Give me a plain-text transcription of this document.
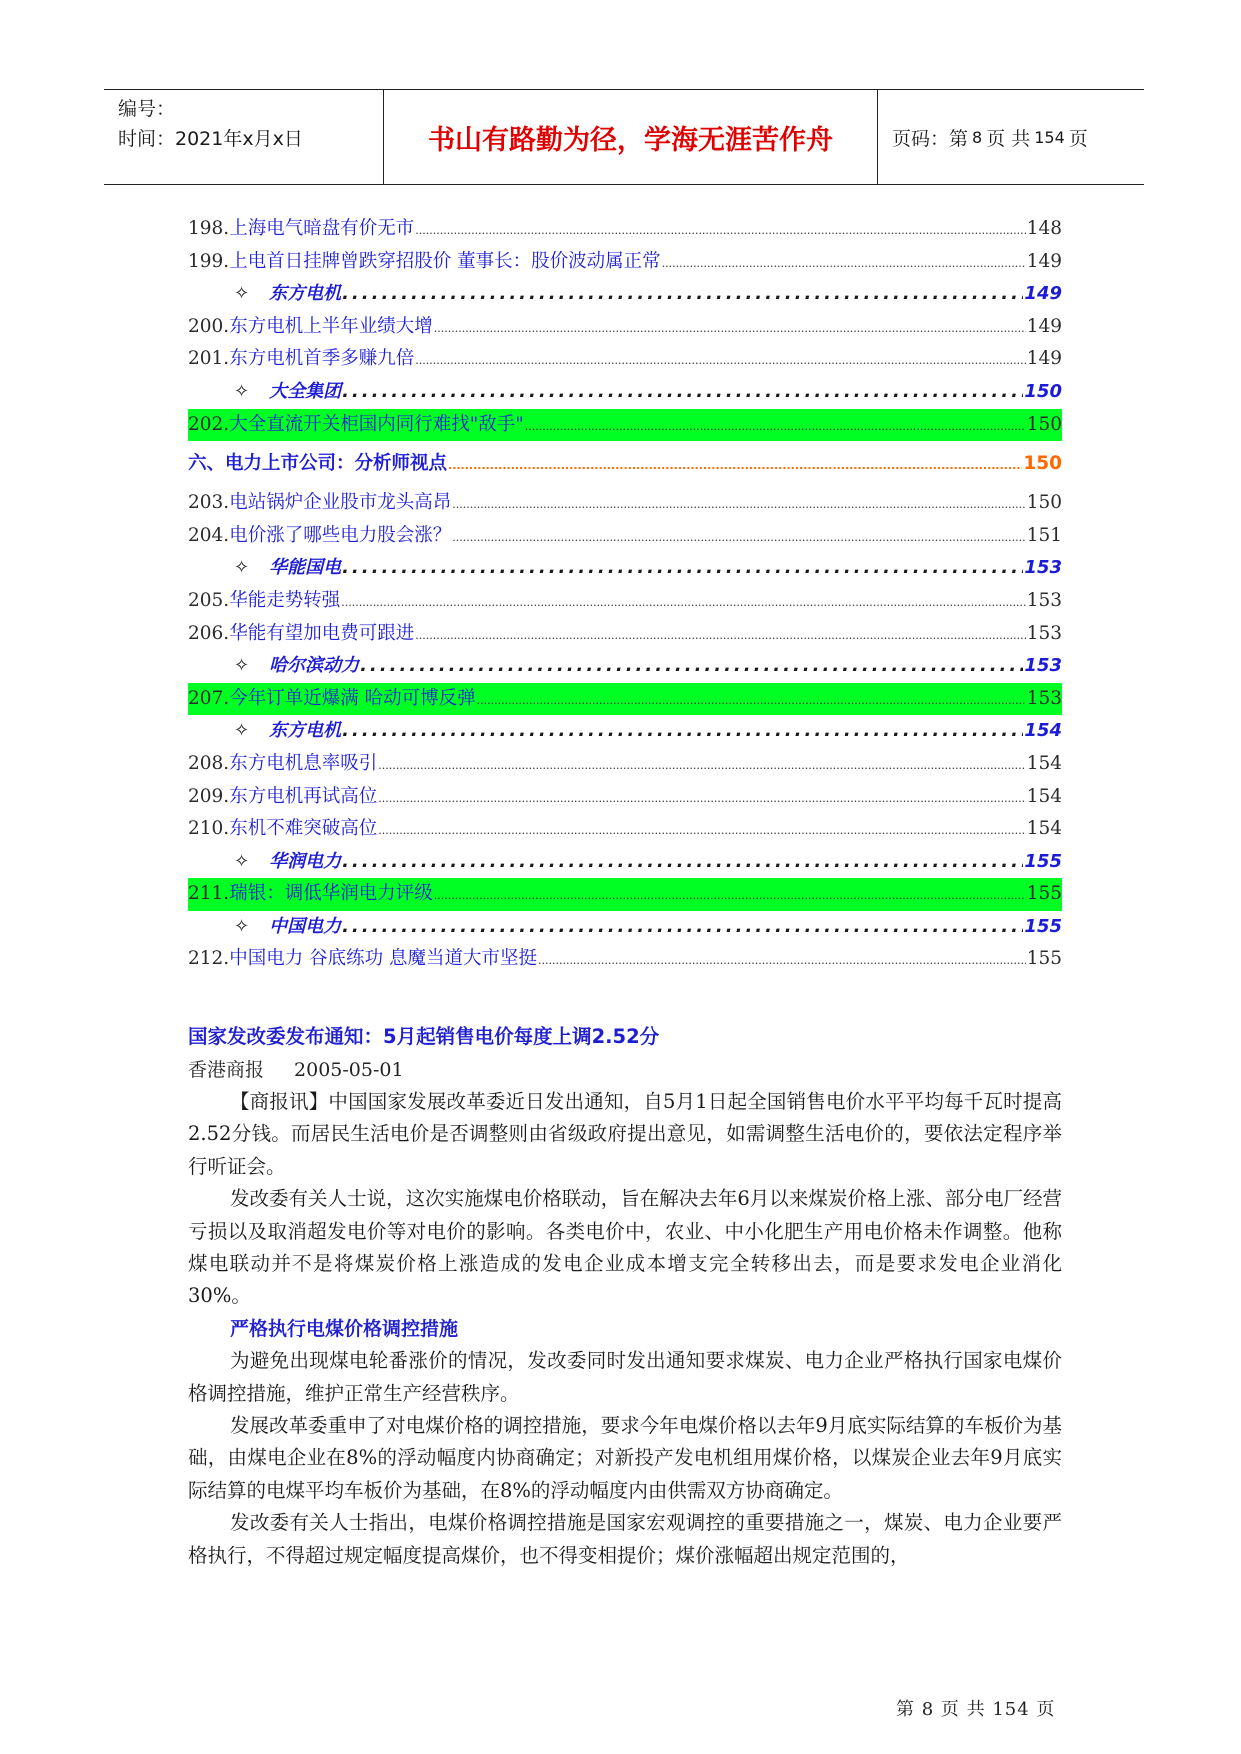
编号：
时间：2021年x月x日	书山有路勤为径，学海无涯苦作舟	页码：第 8 页 共 154 页
198. 上海电气暗盘有价无市 .....	148
199. 上电首日挂牌曾跌穿招股价 董事长：股价波动属正常 .....	149
✧ 东方电机 .....	149
200. 东方电机上半年业绩大增 .....	149
201. 东方电机首季多赚九倍 .....	149
✧ 大全集团 .....	150
202. 大全直流开关柜国内同行难找"敌手" .....	150
六、电力上市公司：分析师视点 .....	150
203. 电站锅炉企业股市龙头高昂 .....	150
204. 电价涨了哪些电力股会涨？ .....	151
✧ 华能国电 .....	153
205. 华能走势转强 .....	153
206. 华能有望加电费可跟进 .....	153
✧ 哈尔滨动力 .....	153
207. 今年订单近爆满 哈动可博反弹 .....	153
✧ 东方电机 .....	154
208. 东方电机息率吸引 .....	154
209. 东方电机再试高位 .....	154
210. 东机不难突破高位 .....	154
✧ 华润电力 .....	155
211. 瑞银：调低华润电力评级 .....	155
✧ 中国电力 .....	155
212. 中国电力 谷底练功 息魔当道大市坚挺 .....	155
国家发改委发布通知：5月起销售电价每度上调2.52分
香港商报 2005-05-01

【商报讯】中国国家发展改革委近日发出通知，自5月1日起全国销售电价水平平均每千瓦时提高2.52分钱。而居民生活电价是否调整则由省级政府提出意见，如需调整生活电价的，要依法定程序举行听证会。

发改委有关人士说，这次实施煤电价格联动，旨在解决去年6月以来煤炭价格上涨、部分电厂经营亏损以及取消超发电价等对电价的影响。各类电价中，农业、中小化肥生产用电价格未作调整。他称煤电联动并不是将煤炭价格上涨造成的发电企业成本增支完全转移出去，而是要求发电企业消化30%。

严格执行电煤价格调控措施

为避免出现煤电轮番涨价的情况，发改委同时发出通知要求煤炭、电力企业严格执行国家电煤价格调控措施，维护正常生产经营秩序。

发展改革委重申了对电煤价格的调控措施，要求今年电煤价格以去年9月底实际结算的车板价为基础，由煤电企业在8%的浮动幅度内协商确定；对新投产发电机组用煤价格，以煤炭企业去年9月底实际结算的电煤平均车板价为基础，在8%的浮动幅度内由供需双方协商确定。

发改委有关人士指出，电煤价格调控措施是国家宏观调控的重要措施之一，煤炭、电力企业要严格执行，不得超过规定幅度提高煤价，也不得变相提价；煤价涨幅超出规定范围的，

第 8 页 共 154 页
